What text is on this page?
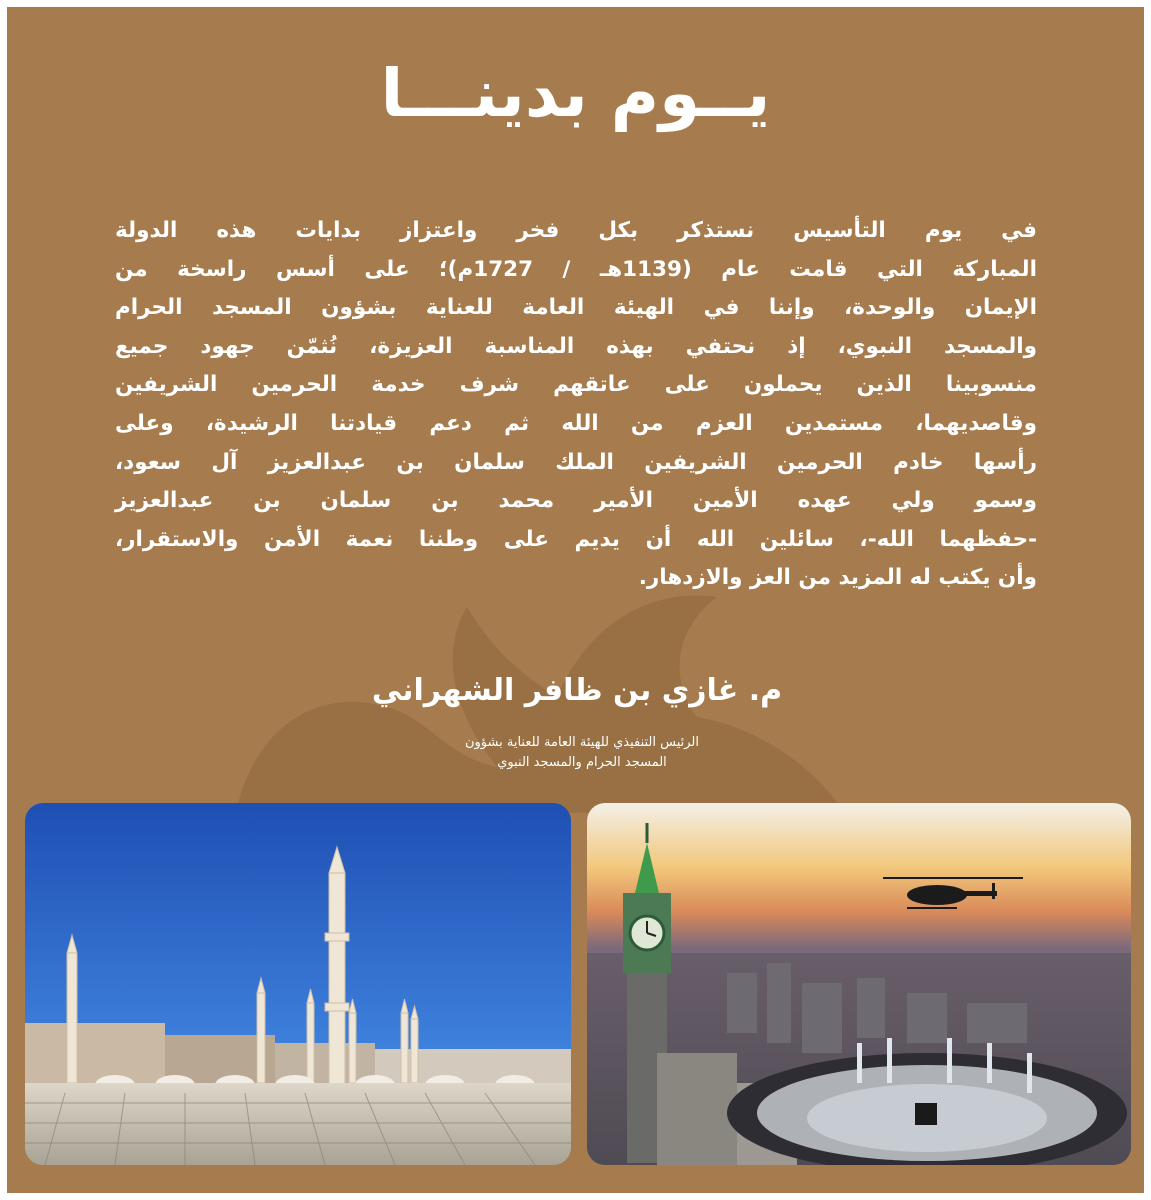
يــوم بدينـــا
في يوم التأسيس نستذكر بكل فخر واعتزاز بدايات هذه الدولة
المباركة التي قامت عام (1139هـ / 1727م)؛ على أسس راسخة من
الإيمان والوحدة، وإننا في الهيئة العامة للعناية بشؤون المسجد الحرام
والمسجد النبوي، إذ نحتفي بهذه المناسبة العزيزة، نُثمّن جهود جميع
منسوبينا الذين يحملون على عاتقهم شرف خدمة الحرمين الشريفين
وقاصديهما، مستمدين العزم من الله ثم دعم قيادتنا الرشيدة، وعلى
رأسها خادم الحرمين الشريفين الملك سلمان بن عبدالعزيز آل سعود،
وسمو ولي عهده الأمين الأمير محمد بن سلمان بن عبدالعزيز
-حفظهما الله-، سائلين الله أن يديم على وطننا نعمة الأمن والاستقرار،
وأن يكتب له المزيد من العز والازدهار.
م. غازي بن ظافر الشهراني
الرئيس التنفيذي للهيئة العامة للعناية بشؤون
المسجد الحرام والمسجد النبوي
